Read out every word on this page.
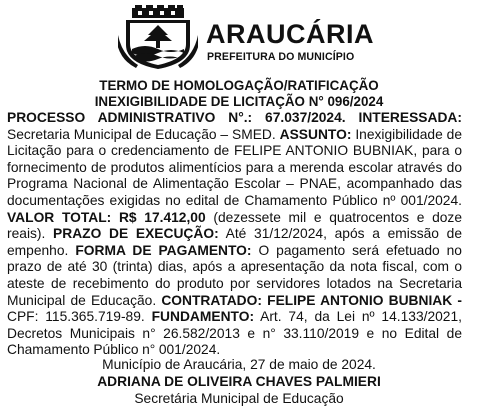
ARAUCÁRIA
PREFEITURA DO MUNICÍPIO
TERMO DE HOMOLOGAÇÃO/RATIFICAÇÃO
INEXIGIBILIDADE DE LICITAÇÃO N° 096/2024
PROCESSO ADMINISTRATIVO N°.: 67.037/2024. INTERESSADA: Secretaria Municipal de Educação – SMED. ASSUNTO: Inexigibilidade de Licitação para o credenciamento de FELIPE ANTONIO BUBNIAK, para o fornecimento de produtos alimentícios para a merenda escolar através do Programa Nacional de Alimentação Escolar – PNAE, acompanhado das documentações exigidas no edital de Chamamento Público nº 001/2024. VALOR TOTAL: R$ 17.412,00 (dezessete mil e quatrocentos e doze reais). PRAZO DE EXECUÇÃO: Até 31/12/2024, após a emissão de empenho. FORMA DE PAGAMENTO: O pagamento será efetuado no prazo de até 30 (trinta) dias, após a apresentação da nota fiscal, com o ateste de recebimento do produto por servidores lotados na Secretaria Municipal de Educação. CONTRATADO: FELIPE ANTONIO BUBNIAK - CPF: 115.365.719-89. FUNDAMENTO: Art. 74, da Lei nº 14.133/2021, Decretos Municipais n° 26.582/2013 e n° 33.110/2019 e no Edital de Chamamento Público n° 001/2024.
Município de Araucária, 27 de maio de 2024.
ADRIANA DE OLIVEIRA CHAVES PALMIERI
Secretária Municipal de Educação
